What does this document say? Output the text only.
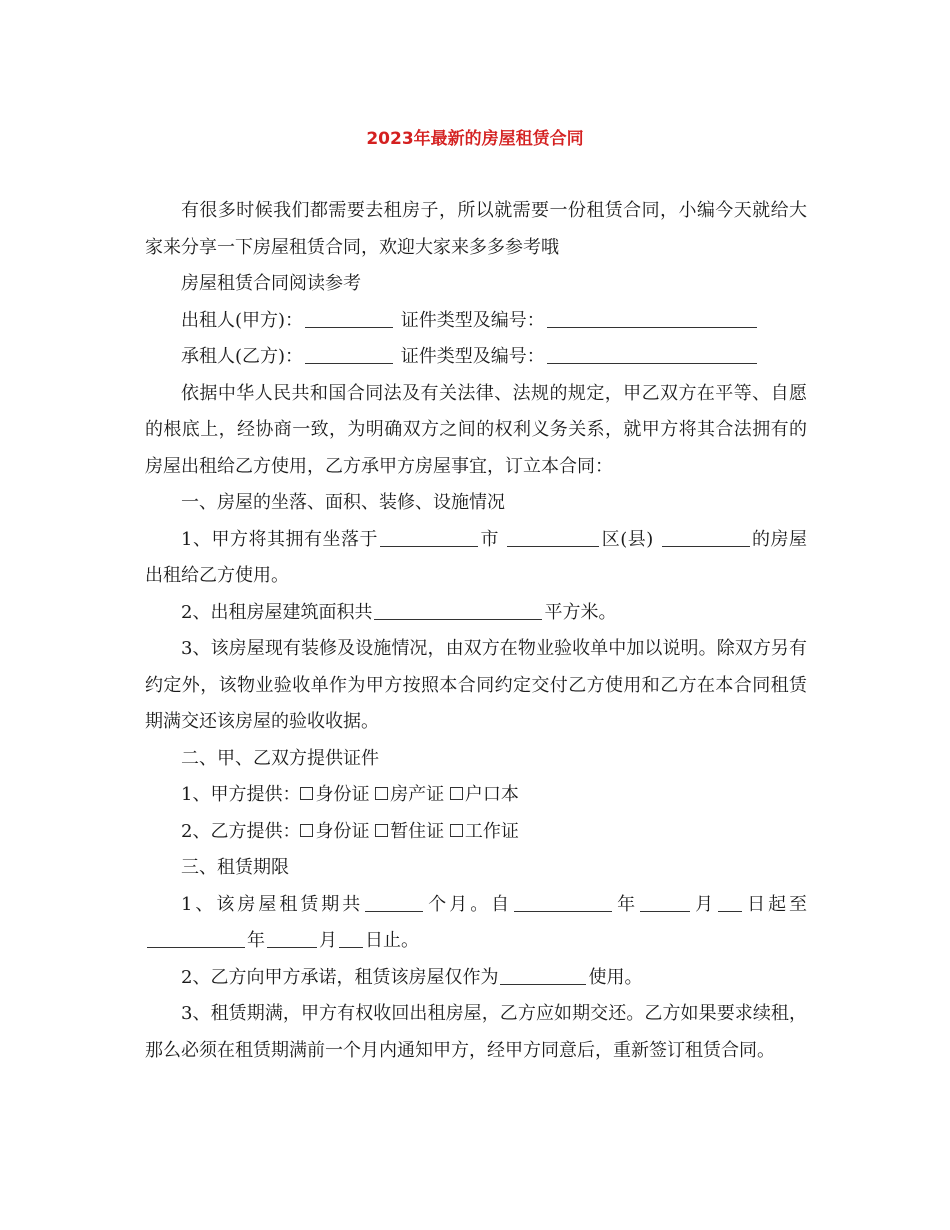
2023年最新的房屋租赁合同

有很多时候我们都需要去租房子，所以就需要一份租赁合同，小编今天就给大家来分享一下房屋租赁合同，欢迎大家来多多参考哦

房屋租赁合同阅读参考

出租人(甲方)：	证件类型及编号：

承租人(乙方)：	证件类型及编号：

依据中华人民共和国合同法及有关法律、法规的规定，甲乙双方在平等、自愿的根底上，经协商一致，为明确双方之间的权利义务关系，就甲方将其合法拥有的房屋出租给乙方使用，乙方承甲方房屋事宜，订立本合同：

一、房屋的坐落、面积、装修、设施情况

1、甲方将其拥有坐落于	市	区(县)	的房屋出租给乙方使用。

2、出租房屋建筑面积共	平方米。

3、该房屋现有装修及设施情况，由双方在物业验收单中加以说明。除双方另有约定外，该物业验收单作为甲方按照本合同约定交付乙方使用和乙方在本合同租赁期满交还该房屋的验收收据。

二、甲、乙双方提供证件

1、甲方提供： 身份证 房产证 户口本

2、乙方提供： 身份证 暂住证 工作证

三、租赁期限

1、该房屋租赁期共	个月。自	年	月 日起至年	月 日止。

2、乙方向甲方承诺，租赁该房屋仅作为	使用。

3、租赁期满，甲方有权收回出租房屋，乙方应如期交还。乙方如果要求续租，那么必须在租赁期满前一个月内通知甲方，经甲方同意后，重新签订租赁合同。
